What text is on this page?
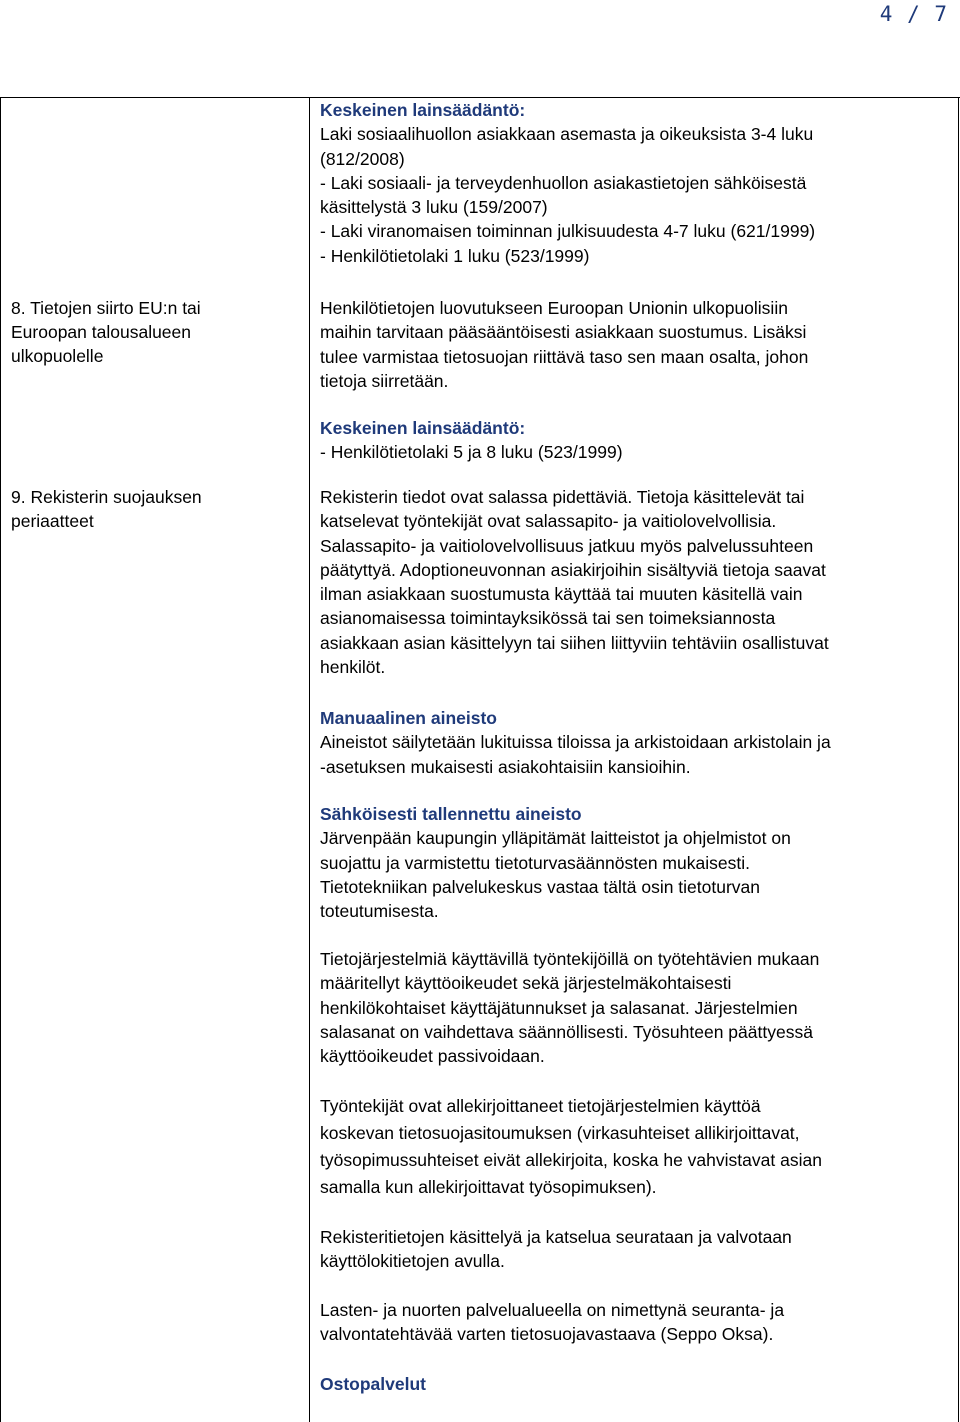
4 / 7
8. Tietojen siirto EU:n tai
Euroopan talousalueen
ulkopuolelle
9. Rekisterin suojauksen
periaatteet
Keskeinen lainsäädäntö:
Laki sosiaalihuollon asiakkaan asemasta ja oikeuksista 3-4 luku
(812/2008)
- Laki sosiaali- ja terveydenhuollon asiakastietojen sähköisestä
käsittelystä 3 luku (159/2007)
- Laki viranomaisen toiminnan julkisuudesta 4-7 luku (621/1999)
- Henkilötietolaki 1 luku (523/1999)
Henkilötietojen luovutukseen Euroopan Unionin ulkopuolisiin
maihin tarvitaan pääsääntöisesti asiakkaan suostumus. Lisäksi
tulee varmistaa tietosuojan riittävä taso sen maan osalta, johon
tietoja siirretään.
Keskeinen lainsäädäntö:
- Henkilötietolaki 5 ja 8 luku (523/1999)
Rekisterin tiedot ovat salassa pidettäviä. Tietoja käsittelevät tai
katselevat työntekijät ovat salassapito- ja vaitiolovelvollisia.
Salassapito- ja vaitiolovelvollisuus jatkuu myös palvelussuhteen
päätyttyä. Adoptioneuvonnan asiakirjoihin sisältyviä tietoja saavat
ilman asiakkaan suostumusta käyttää tai muuten käsitellä vain
asianomaisessa toimintayksikössä tai sen toimeksiannosta
asiakkaan asian käsittelyyn tai siihen liittyviin tehtäviin osallistuvat
henkilöt.
Manuaalinen aineisto
Aineistot säilytetään lukituissa tiloissa ja arkistoidaan arkistolain ja
-asetuksen mukaisesti asiakohtaisiin kansioihin.
Sähköisesti tallennettu aineisto
Järvenpään kaupungin ylläpitämät laitteistot ja ohjelmistot on
suojattu ja varmistettu tietoturvasäännösten mukaisesti.
Tietotekniikan palvelukeskus vastaa tältä osin tietoturvan
toteutumisesta.
Tietojärjestelmiä käyttävillä työntekijöillä on työtehtävien mukaan
määritellyt käyttöoikeudet sekä järjestelmäkohtaisesti
henkilökohtaiset käyttäjätunnukset ja salasanat. Järjestelmien
salasanat on vaihdettava säännöllisesti. Työsuhteen päättyessä
käyttöoikeudet passivoidaan.
Työntekijät ovat allekirjoittaneet tietojärjestelmien käyttöä
koskevan tietosuojasitoumuksen (virkasuhteiset allikirjoittavat,
työsopimussuhteiset eivät allekirjoita, koska he vahvistavat asian
samalla kun allekirjoittavat työsopimuksen).
Rekisteritietojen käsittelyä ja katselua seurataan ja valvotaan
käyttölokitietojen avulla.
Lasten- ja nuorten palvelualueella on nimettynä seuranta- ja
valvontatehtävää varten tietosuojavastaava (Seppo Oksa).
Ostopalvelut
